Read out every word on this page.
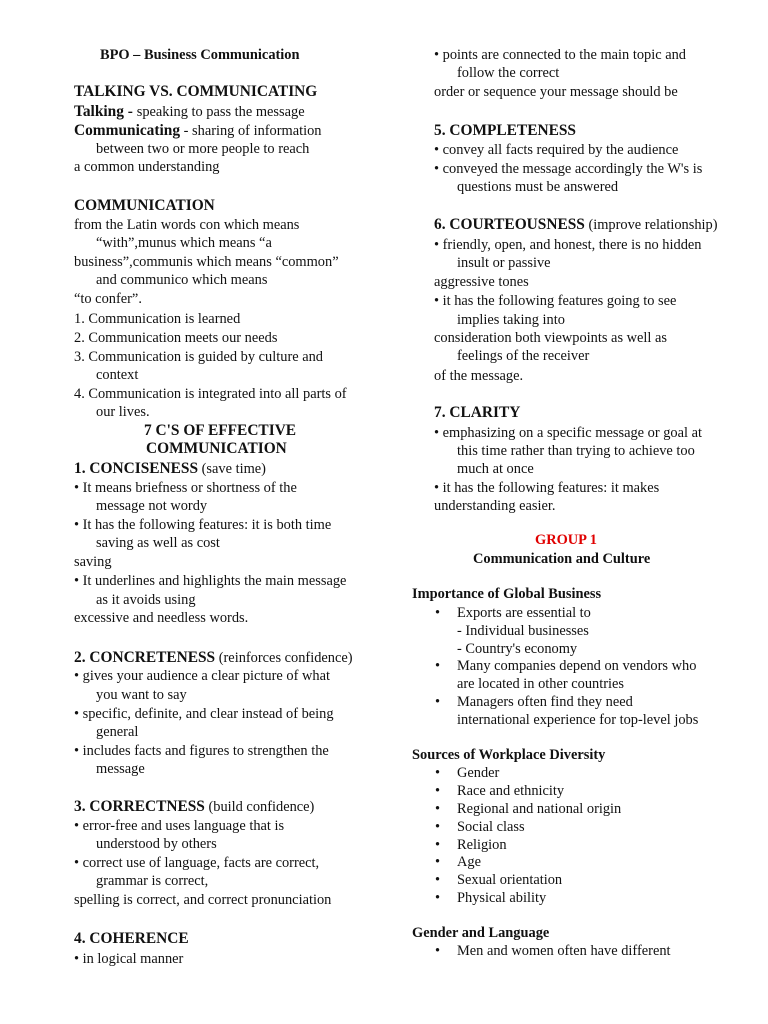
BPO – Business Communication
TALKING VS. COMMUNICATING
Talking - speaking to pass the message
Communicating - sharing of information
between two or more people to reach
a common understanding
COMMUNICATION
from the Latin words con which means
“with”,munus which means “a
business”,communis which means “common”
and communico which means
“to confer”.
1. Communication is learned
2. Communication meets our needs
3. Communication is guided by culture and
context
4. Communication is integrated into all parts of
our lives.
7 C'S OF EFFECTIVE
COMMUNICATION
1. CONCISENESS (save time)
• It means briefness or shortness of the
message not wordy
• It has the following features: it is both time
saving as well as cost
saving
• It underlines and highlights the main message
as it avoids using
excessive and needless words.
2. CONCRETENESS (reinforces confidence)
• gives your audience a clear picture of what
you want to say
• specific, definite, and clear instead of being
general
• includes facts and figures to strengthen the
message
3. CORRECTNESS (build confidence)
• error-free and uses language that is
understood by others
• correct use of language, facts are correct,
grammar is correct,
spelling is correct, and correct pronunciation
4. COHERENCE
• in logical manner
• points are connected to the main topic and
follow the correct
order or sequence your message should be
5. COMPLETENESS
• convey all facts required by the audience
• conveyed the message accordingly the W's is
questions must be answered
6. COURTEOUSNESS (improve relationship)
• friendly, open, and honest, there is no hidden
insult or passive
aggressive tones
• it has the following features going to see
implies taking into
consideration both viewpoints as well as
feelings of the receiver
of the message.
7. CLARITY
• emphasizing on a specific message or goal at
this time rather than trying to achieve too
much at once
• it has the following features: it makes
understanding easier.
GROUP 1
Communication and Culture
Importance of Global Business
• Exports are essential to
- Individual businesses
- Country's economy
• Many companies depend on vendors who
are located in other countries
• Managers often find they need
international experience for top-level jobs
Sources of Workplace Diversity
• Gender
• Race and ethnicity
• Regional and national origin
• Social class
• Religion
• Age
• Sexual orientation
• Physical ability
Gender and Language
• Men and women often have different
